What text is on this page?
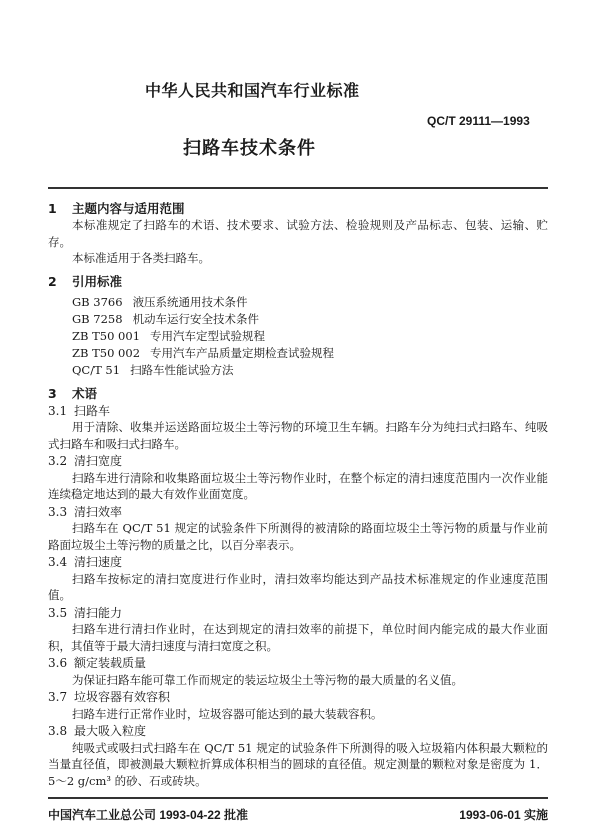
中华人民共和国汽车行业标准
QC/T 29111—1993
扫路车技术条件
1 主题内容与适用范围
本标准规定了扫路车的术语、技术要求、试验方法、检验规则及产品标志、包装、运输、贮存。
本标准适用于各类扫路车。
2 引用标准
GB 3766 液压系统通用技术条件
GB 7258 机动车运行安全技术条件
ZB T50 001 专用汽车定型试验规程
ZB T50 002 专用汽车产品质量定期检查试验规程
QC/T 51 扫路车性能试验方法
3 术语
3.1 扫路车
用于清除、收集并运送路面垃圾尘土等污物的环境卫生车辆。扫路车分为纯扫式扫路车、纯吸式扫路车和吸扫式扫路车。
3.2 清扫宽度
扫路车进行清除和收集路面垃圾尘土等污物作业时，在整个标定的清扫速度范围内一次作业能连续稳定地达到的最大有效作业面宽度。
3.3 清扫效率
扫路车在 QC/T 51 规定的试验条件下所测得的被清除的路面垃圾尘土等污物的质量与作业前路面垃圾尘土等污物的质量之比，以百分率表示。
3.4 清扫速度
扫路车按标定的清扫宽度进行作业时，清扫效率均能达到产品技术标准规定的作业速度范围值。
3.5 清扫能力
扫路车进行清扫作业时，在达到规定的清扫效率的前提下，单位时间内能完成的最大作业面积，其值等于最大清扫速度与清扫宽度之积。
3.6 额定装载质量
为保证扫路车能可靠工作而规定的装运垃圾尘土等污物的最大质量的名义值。
3.7 垃圾容器有效容积
扫路车进行正常作业时，垃圾容器可能达到的最大装载容积。
3.8 最大吸入粒度
纯吸式或吸扫式扫路车在 QC/T 51 规定的试验条件下所测得的吸入垃圾箱内体积最大颗粒的当量直径值，即被测最大颗粒折算成体积相当的圆球的直径值。规定测量的颗粒对象是密度为 1．5～2 g/cm³ 的砂、石或砖块。
中国汽车工业总公司 1993-04-22 批准	1993-06-01 实施
